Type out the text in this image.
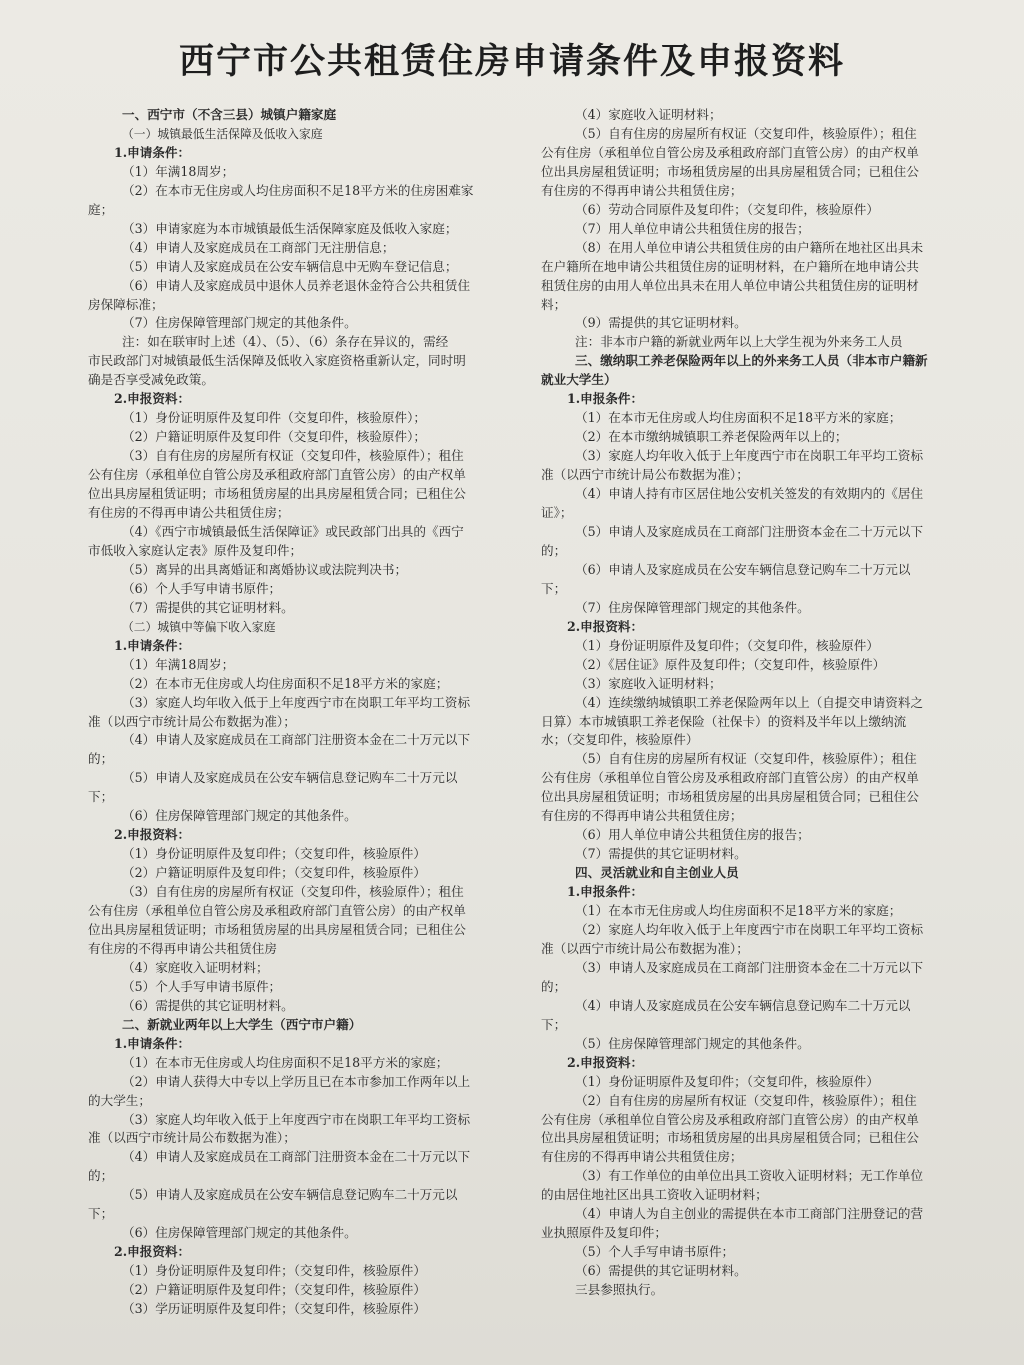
西宁市公共租赁住房申请条件及申报资料

一、西宁市（不含三县）城镇户籍家庭

（一）城镇最低生活保障及低收入家庭

1.申请条件：

（1）年满18周岁；

（2）在本市无住房或人均住房面积不足18平方米的住房困难家

庭；

（3）申请家庭为本市城镇最低生活保障家庭及低收入家庭；

（4）申请人及家庭成员在工商部门无注册信息；

（5）申请人及家庭成员在公安车辆信息中无购车登记信息；

（6）申请人及家庭成员中退休人员养老退休金符合公共租赁住

房保障标准；

（7）住房保障管理部门规定的其他条件。

注：如在联审时上述（4）、（5）、（6）条存在异议的，需经

市民政部门对城镇最低生活保障及低收入家庭资格重新认定，同时明

确是否享受减免政策。

2.申报资料：

（1）身份证明原件及复印件（交复印件，核验原件）；

（2）户籍证明原件及复印件（交复印件，核验原件）；

（3）自有住房的房屋所有权证（交复印件，核验原件）；租住

公有住房（承租单位自管公房及承租政府部门直管公房）的由产权单

位出具房屋租赁证明；市场租赁房屋的出具房屋租赁合同；已租住公

有住房的不得再申请公共租赁住房；

（4）《西宁市城镇最低生活保障证》或民政部门出具的《西宁

市低收入家庭认定表》原件及复印件；

（5）离异的出具离婚证和离婚协议或法院判决书；

（6）个人手写申请书原件；

（7）需提供的其它证明材料。

（二）城镇中等偏下收入家庭

1.申请条件：

（1）年满18周岁；

（2）在本市无住房或人均住房面积不足18平方米的家庭；

（3）家庭人均年收入低于上年度西宁市在岗职工年平均工资标

准（以西宁市统计局公布数据为准）；

（4）申请人及家庭成员在工商部门注册资本金在二十万元以下

的；

（5）申请人及家庭成员在公安车辆信息登记购车二十万元以

下；

（6）住房保障管理部门规定的其他条件。

2.申报资料：

（1）身份证明原件及复印件；（交复印件，核验原件）

（2）户籍证明原件及复印件；（交复印件，核验原件）

（3）自有住房的房屋所有权证（交复印件，核验原件）；租住

公有住房（承租单位自管公房及承租政府部门直管公房）的由产权单

位出具房屋租赁证明；市场租赁房屋的出具房屋租赁合同；已租住公

有住房的不得再申请公共租赁住房

（4）家庭收入证明材料；

（5）个人手写申请书原件；

（6）需提供的其它证明材料。

二、新就业两年以上大学生（西宁市户籍）

1.申请条件：

（1）在本市无住房或人均住房面积不足18平方米的家庭；

（2）申请人获得大中专以上学历且已在本市参加工作两年以上

的大学生；

（3）家庭人均年收入低于上年度西宁市在岗职工年平均工资标

准（以西宁市统计局公布数据为准）；

（4）申请人及家庭成员在工商部门注册资本金在二十万元以下

的；

（5）申请人及家庭成员在公安车辆信息登记购车二十万元以

下；

（6）住房保障管理部门规定的其他条件。

2.申报资料：

（1）身份证明原件及复印件；（交复印件，核验原件）

（2）户籍证明原件及复印件；（交复印件，核验原件）

（3）学历证明原件及复印件；（交复印件，核验原件）

（4）家庭收入证明材料；

（5）自有住房的房屋所有权证（交复印件，核验原件）；租住

公有住房（承租单位自管公房及承租政府部门直管公房）的由产权单

位出具房屋租赁证明；市场租赁房屋的出具房屋租赁合同；已租住公

有住房的不得再申请公共租赁住房；

（6）劳动合同原件及复印件；（交复印件，核验原件）

（7）用人单位申请公共租赁住房的报告；

（8）在用人单位申请公共租赁住房的由户籍所在地社区出具未

在户籍所在地申请公共租赁住房的证明材料，在户籍所在地申请公共

租赁住房的由用人单位出具未在用人单位申请公共租赁住房的证明材

料；

（9）需提供的其它证明材料。

注：非本市户籍的新就业两年以上大学生视为外来务工人员

三、缴纳职工养老保险两年以上的外来务工人员（非本市户籍新

就业大学生）

1.申报条件：

（1）在本市无住房或人均住房面积不足18平方米的家庭；

（2）在本市缴纳城镇职工养老保险两年以上的；

（3）家庭人均年收入低于上年度西宁市在岗职工年平均工资标

准（以西宁市统计局公布数据为准）；

（4）申请人持有市区居住地公安机关签发的有效期内的《居住

证》；

（5）申请人及家庭成员在工商部门注册资本金在二十万元以下

的；

（6）申请人及家庭成员在公安车辆信息登记购车二十万元以

下；

（7）住房保障管理部门规定的其他条件。

2.申报资料：

（1）身份证明原件及复印件；（交复印件，核验原件）

（2）《居住证》原件及复印件；（交复印件，核验原件）

（3）家庭收入证明材料；

（4）连续缴纳城镇职工养老保险两年以上（自提交申请资料之

日算）本市城镇职工养老保险（社保卡）的资料及半年以上缴纳流

水；（交复印件，核验原件）

（5）自有住房的房屋所有权证（交复印件，核验原件）；租住

公有住房（承租单位自管公房及承租政府部门直管公房）的由产权单

位出具房屋租赁证明；市场租赁房屋的出具房屋租赁合同；已租住公

有住房的不得再申请公共租赁住房；

（6）用人单位申请公共租赁住房的报告；

（7）需提供的其它证明材料。

四、灵活就业和自主创业人员

1.申报条件：

（1）在本市无住房或人均住房面积不足18平方米的家庭；

（2）家庭人均年收入低于上年度西宁市在岗职工年平均工资标

准（以西宁市统计局公布数据为准）；

（3）申请人及家庭成员在工商部门注册资本金在二十万元以下

的；

（4）申请人及家庭成员在公安车辆信息登记购车二十万元以

下；

（5）住房保障管理部门规定的其他条件。

2.申报资料：

（1）身份证明原件及复印件；（交复印件，核验原件）

（2）自有住房的房屋所有权证（交复印件，核验原件）；租住

公有住房（承租单位自管公房及承租政府部门直管公房）的由产权单

位出具房屋租赁证明；市场租赁房屋的出具房屋租赁合同；已租住公

有住房的不得再申请公共租赁住房；

（3）有工作单位的由单位出具工资收入证明材料；无工作单位

的由居住地社区出具工资收入证明材料；

（4）申请人为自主创业的需提供在本市工商部门注册登记的营

业执照原件及复印件；

（5）个人手写申请书原件；

（6）需提供的其它证明材料。

三县参照执行。
